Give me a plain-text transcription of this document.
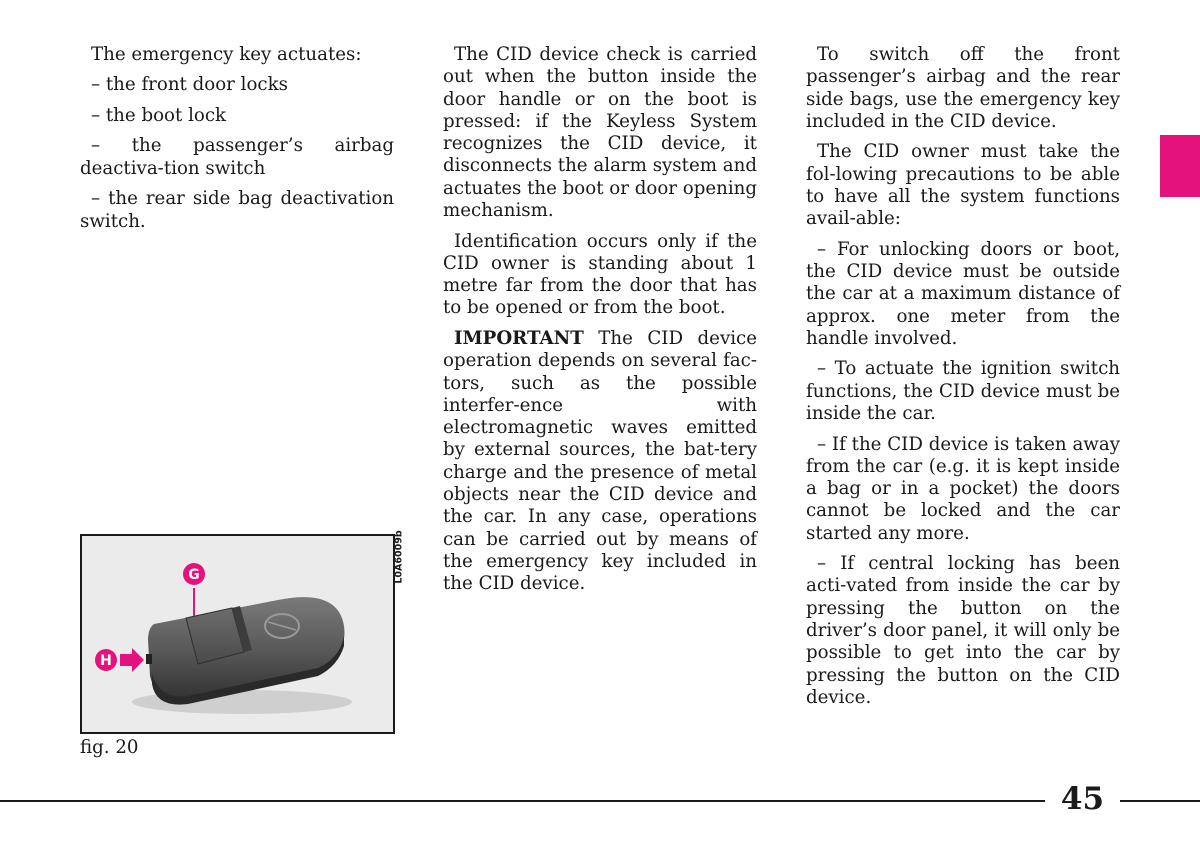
The emergency key actuates:

– the front door locks

– the boot lock

– the passenger’s airbag deactiva-tion switch

– the rear side bag deactivation switch.

The CID device check is carried out when the button inside the door handle or on the boot is pressed: if the Keyless System recognizes the CID device, it disconnects the alarm system and actuates the boot or door opening mechanism.

Identification occurs only if the CID owner is standing about 1 metre far from the door that has to be opened or from the boot.

IMPORTANT The CID device operation depends on several fac-tors, such as the possible interfer-ence with electromagnetic waves emitted by external sources, the bat-tery charge and the presence of metal objects near the CID device and the car. In any case, operations can be carried out by means of the emergency key included in the CID device.

To switch off the front passenger’s airbag and the rear side bags, use the emergency key included in the CID device.

The CID owner must take the fol-lowing precautions to be able to have all the system functions avail-able:

– For unlocking doors or boot, the CID device must be outside the car at a maximum distance of approx. one meter from the handle involved.

– To actuate the ignition switch functions, the CID device must be inside the car.

– If the CID device is taken away from the car (e.g. it is kept inside a bag or in a pocket) the doors cannot be locked and the car started any more.

– If central locking has been acti-vated from inside the car by pressing the button on the driver’s door panel, it will only be possible to get into the car by pressing the button on the CID device.

G
H
L0A6009b
fig. 20
45
